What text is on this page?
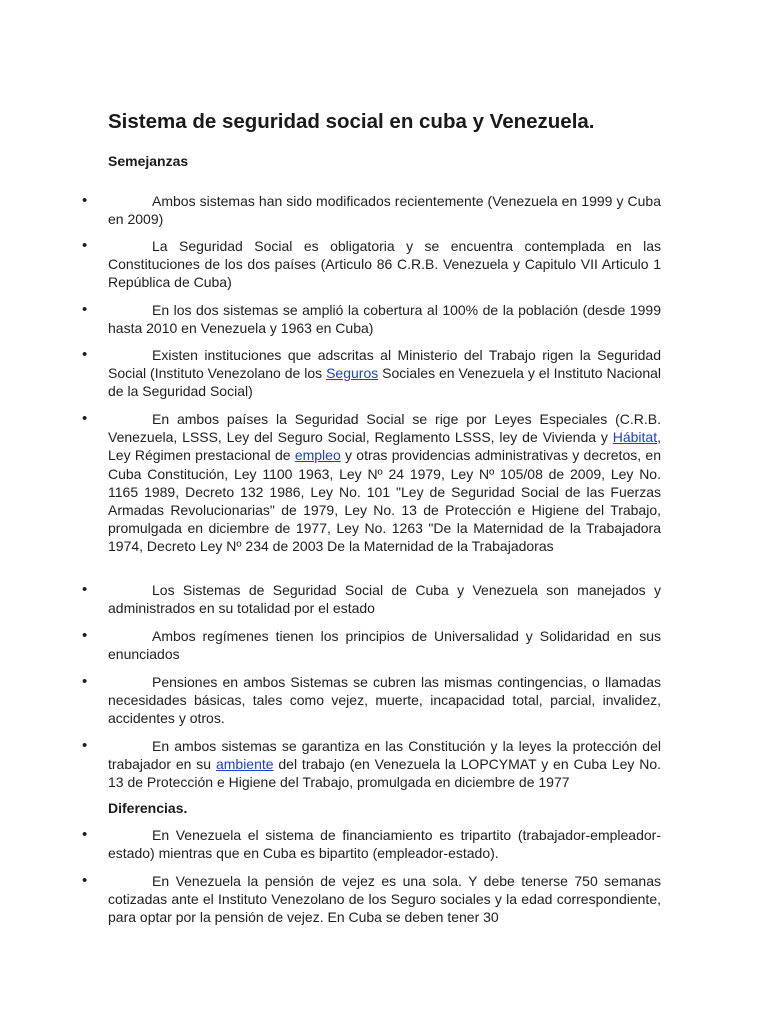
Sistema de seguridad social en cuba y Venezuela.
Semejanzas
•	Ambos sistemas han sido modificados recientemente (Venezuela en 1999 y Cuba en 2009)
•	La Seguridad Social es obligatoria y se encuentra contemplada en las Constituciones de los dos países (Articulo 86 C.R.B. Venezuela y Capitulo VII Articulo 1 República de Cuba)
•	En los dos sistemas se amplió la cobertura al 100% de la población (desde 1999 hasta 2010 en Venezuela y 1963 en Cuba)
•	Existen instituciones que adscritas al Ministerio del Trabajo rigen la Seguridad Social (Instituto Venezolano de los Seguros Sociales en Venezuela y el Instituto Nacional de la Seguridad Social)
•	En ambos países la Seguridad Social se rige por Leyes Especiales (C.R.B. Venezuela, LSSS, Ley del Seguro Social, Reglamento LSSS, ley de Vivienda y Hábitat, Ley Régimen prestacional de empleo y otras providencias administrativas y decretos, en Cuba Constitución, Ley 1100 1963, Ley Nº 24 1979, Ley Nº 105/08 de 2009, Ley No. 1165 1989, Decreto 132 1986, Ley No. 101 "Ley de Seguridad Social de las Fuerzas Armadas Revolucionarias" de 1979, Ley No. 13 de Protección e Higiene del Trabajo, promulgada en diciembre de 1977, Ley No. 1263 "De la Maternidad de la Trabajadora 1974, Decreto Ley Nº 234 de 2003 De la Maternidad de la Trabajadoras
•	Los Sistemas de Seguridad Social de Cuba y Venezuela son manejados y administrados en su totalidad por el estado
•	Ambos regímenes tienen los principios de Universalidad y Solidaridad en sus enunciados
•	Pensiones en ambos Sistemas se cubren las mismas contingencias, o llamadas necesidades básicas, tales como vejez, muerte, incapacidad total, parcial, invalidez, accidentes y otros.
•	En ambos sistemas se garantiza en las Constitución y la leyes la protección del trabajador en su ambiente del trabajo (en Venezuela la LOPCYMAT y en Cuba Ley No. 13 de Protección e Higiene del Trabajo, promulgada en diciembre de 1977
Diferencias.
•	En Venezuela el sistema de financiamiento es tripartito (trabajador-empleador-estado) mientras que en Cuba es bipartito (empleador-estado).
•	En Venezuela la pensión de vejez es una sola. Y debe tenerse 750 semanas cotizadas ante el Instituto Venezolano de los Seguro sociales y la edad correspondiente, para optar por la pensión de vejez. En Cuba se deben tener 30
